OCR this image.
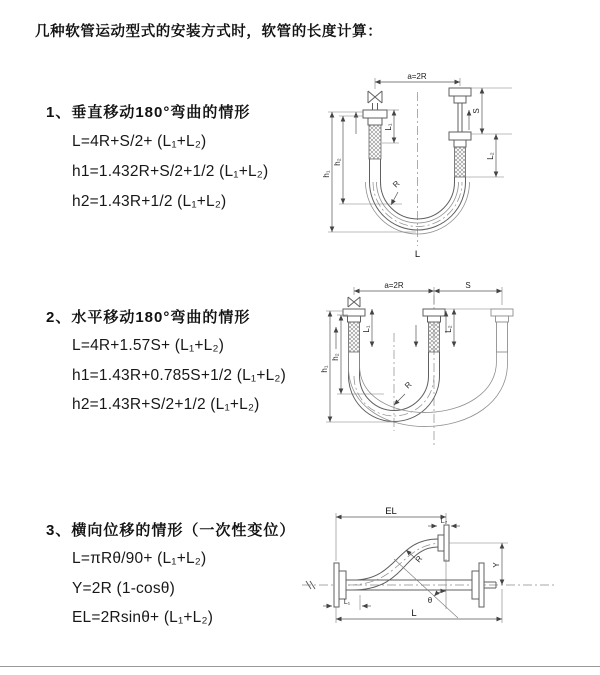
几种软管运动型式的安装方式时，软管的长度计算：
1、垂直移动180°弯曲的情形
L=4R+S/2+ (L₁+L₂)
h1=1.432R+S/2+1/2 (L₁+L₂)
h2=1.43R+1/2 (L₁+L₂)
2、水平移动180°弯曲的情形
L=4R+1.57S+ (L₁+L₂)
h1=1.43R+0.785S+1/2 (L₁+L₂)
h2=1.43R+S/2+1/2 (L₁+L₂)
3、横向位移的情形（一次性变位）
L=πRθ/90+ (L₁+L₂)
Y=2R (1-cosθ)
EL=2Rsinθ+ (L₁+L₂)
a=2R
R
L
L₁
S
L₂
h₁
h₂
a=2R	S
L₁	L₂
h₁
h₂
R
EL
L₂
Y
L
L₁	θ
R
